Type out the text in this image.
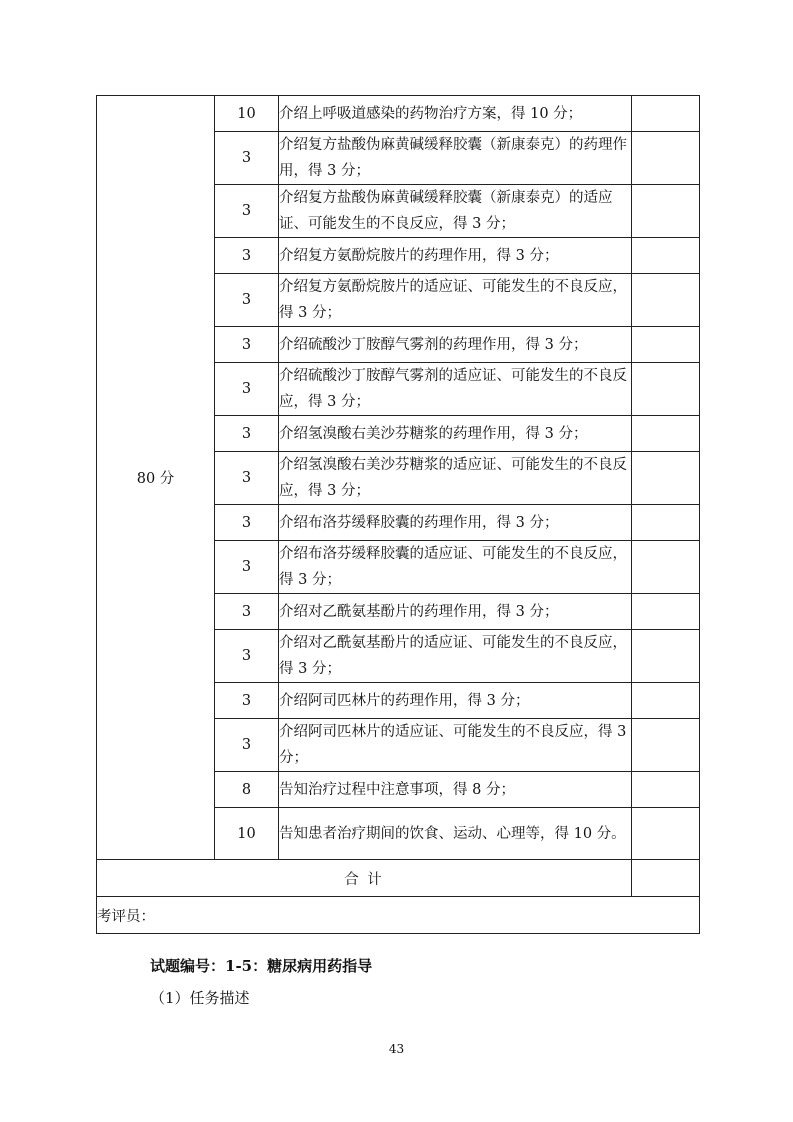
80 分	10	介绍上呼吸道感染的药物治疗方案，得 10 分；	
	3	介绍复方盐酸伪麻黄碱缓释胶囊（新康泰克）的药理作用，得 3 分；	
	3	介绍复方盐酸伪麻黄碱缓释胶囊（新康泰克）的适应证、可能发生的不良反应，得 3 分；	
	3	介绍复方氨酚烷胺片的药理作用，得 3 分；	
	3	介绍复方氨酚烷胺片的适应证、可能发生的不良反应，得 3 分；	
	3	介绍硫酸沙丁胺醇气雾剂的药理作用，得 3 分；	
	3	介绍硫酸沙丁胺醇气雾剂的适应证、可能发生的不良反应，得 3 分；	
	3	介绍氢溴酸右美沙芬糖浆的药理作用，得 3 分；	
	3	介绍氢溴酸右美沙芬糖浆的适应证、可能发生的不良反应，得 3 分；	
	3	介绍布洛芬缓释胶囊的药理作用，得 3 分；	
	3	介绍布洛芬缓释胶囊的适应证、可能发生的不良反应，得 3 分；	
	3	介绍对乙酰氨基酚片的药理作用，得 3 分；	
	3	介绍对乙酰氨基酚片的适应证、可能发生的不良反应，得 3 分；	
	3	介绍阿司匹林片的药理作用，得 3 分；	
	3	介绍阿司匹林片的适应证、可能发生的不良反应，得 3 分；	
	8	告知治疗过程中注意事项，得 8 分；	
	10	告知患者治疗期间的饮食、运动、心理等，得 10 分。	
合 计			
考评员：			
试题编号：1-5：糖尿病用药指导
（1）任务描述
43
